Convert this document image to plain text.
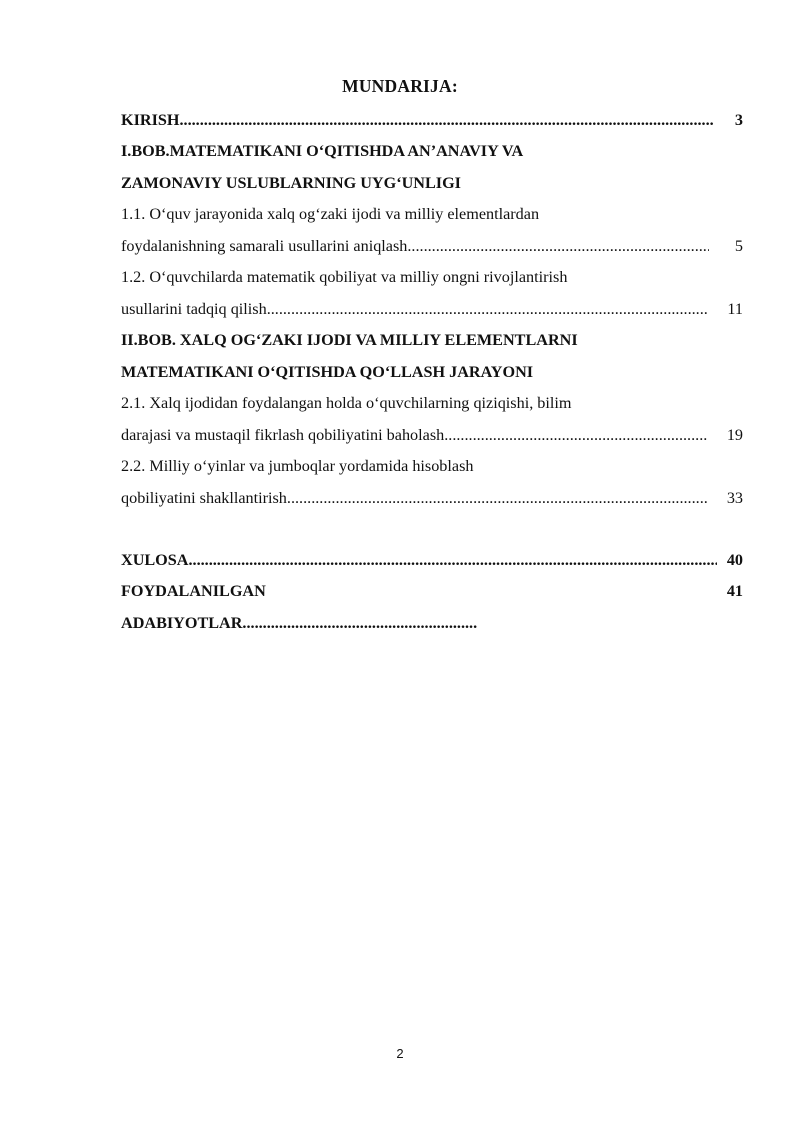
MUNDARIJA:
KIRISH .....	3
I.BOB.MATEMATIKANI O‘QITISHDA AN’ANAVIY VA
ZAMONAVIY USLUBLARNING UYG‘UNLIGI
1.1. O‘quv jarayonida xalq og‘zaki ijodi va milliy elementlardan
foydalanishning samarali usullarini aniqlash .....	5
1.2. O‘quvchilarda matematik qobiliyat va milliy ongni rivojlantirish
usullarini tadqiq qilish .....	11
II.BOB. XALQ OG‘ZAKI IJODI VA MILLIY ELEMENTLARNI
MATEMATIKANI O‘QITISHDA QO‘LLASH JARAYONI
2.1. Xalq ijodidan foydalangan holda o‘quvchilarning qiziqishi, bilim
darajasi va mustaqil fikrlash qobiliyatini baholash .....	19
2.2. Milliy o‘yinlar va jumboqlar yordamida hisoblash
qobiliyatini shakllantirish .....	33
XULOSA .....	40
FOYDALANILGAN	41
ADABIYOTLAR..........................................................
2
